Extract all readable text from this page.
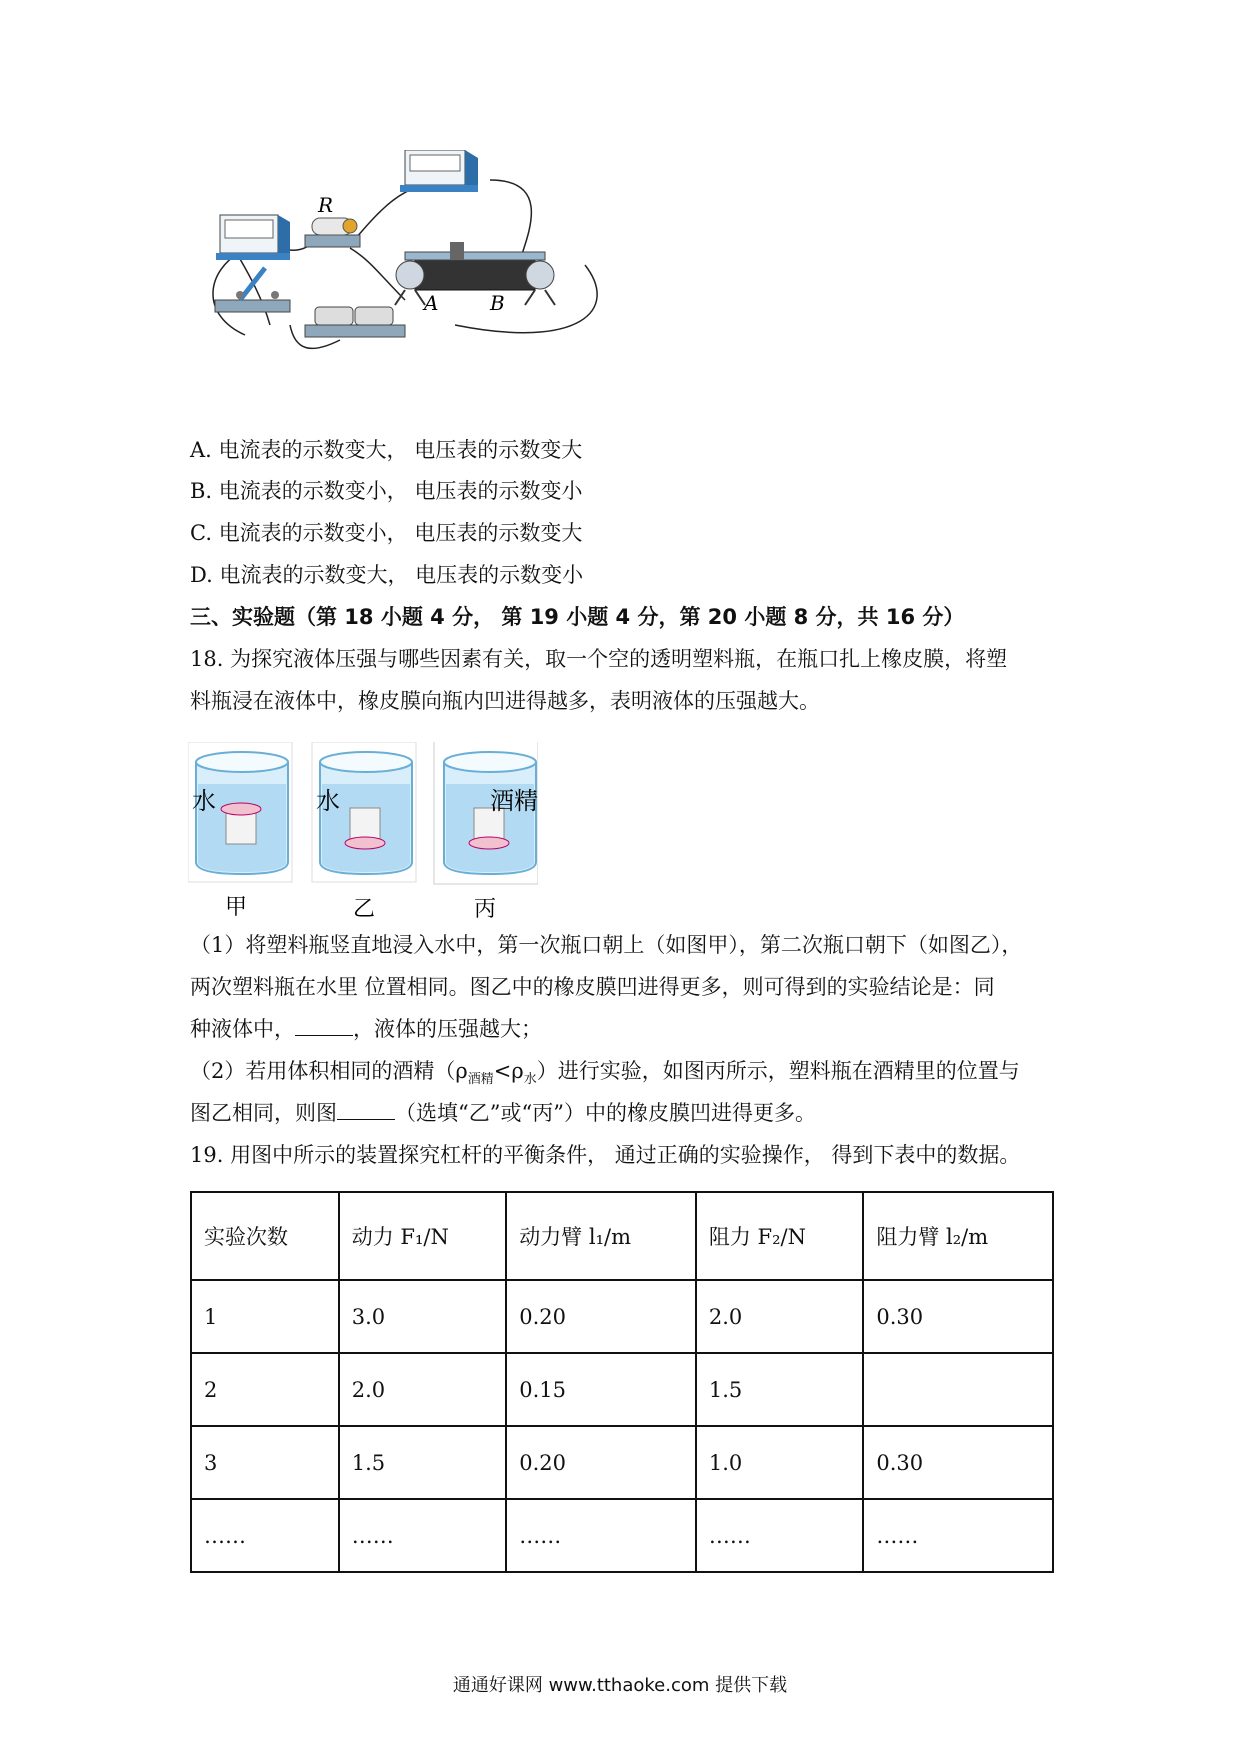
R
A	B
A. 电流表的示数变大， 电压表的示数变大
B. 电流表的示数变小， 电压表的示数变小
C. 电流表的示数变小， 电压表的示数变大
D. 电流表的示数变大， 电压表的示数变小
三、实验题（第 18 小题 4 分， 第 19 小题 4 分，第 20 小题 8 分，共 16 分）
18. 为探究液体压强与哪些因素有关，取一个空的透明塑料瓶，在瓶口扎上橡皮膜，将塑
料瓶浸在液体中，橡皮膜向瓶内凹进得越多，表明液体的压强越大。
水	水	酒精
甲	乙	丙
（1）将塑料瓶竖直地浸入水中，第一次瓶口朝上（如图甲），第二次瓶口朝下（如图乙），
两次塑料瓶在水里 位置相同。图乙中的橡皮膜凹进得更多，则可得到的实验结论是：同
种液体中，	，液体的压强越大；
（2）若用体积相同的酒精$(\rho_{酒精}<\rho_水)$进行实验，如图丙所示，塑料瓶在酒精里的位置与
图乙相同，则图	（选填“乙”或“丙”）中的橡皮膜凹进得更多。
19. 用图中所示的装置探究杠杆的平衡条件， 通过正确的实验操作， 得到下表中的数据。
实验次数	动力 F₁/N	动力臂 l₁/m	阻力 F₂/N	阻力臂 l₂/m
1	3.0	0.20	2.0	0.30
2	2.0	0.15	1.5	
3	1.5	0.20	1.0	0.30
……	……	……	……	……
通通好课网 www.tthaoke.com 提供下载
